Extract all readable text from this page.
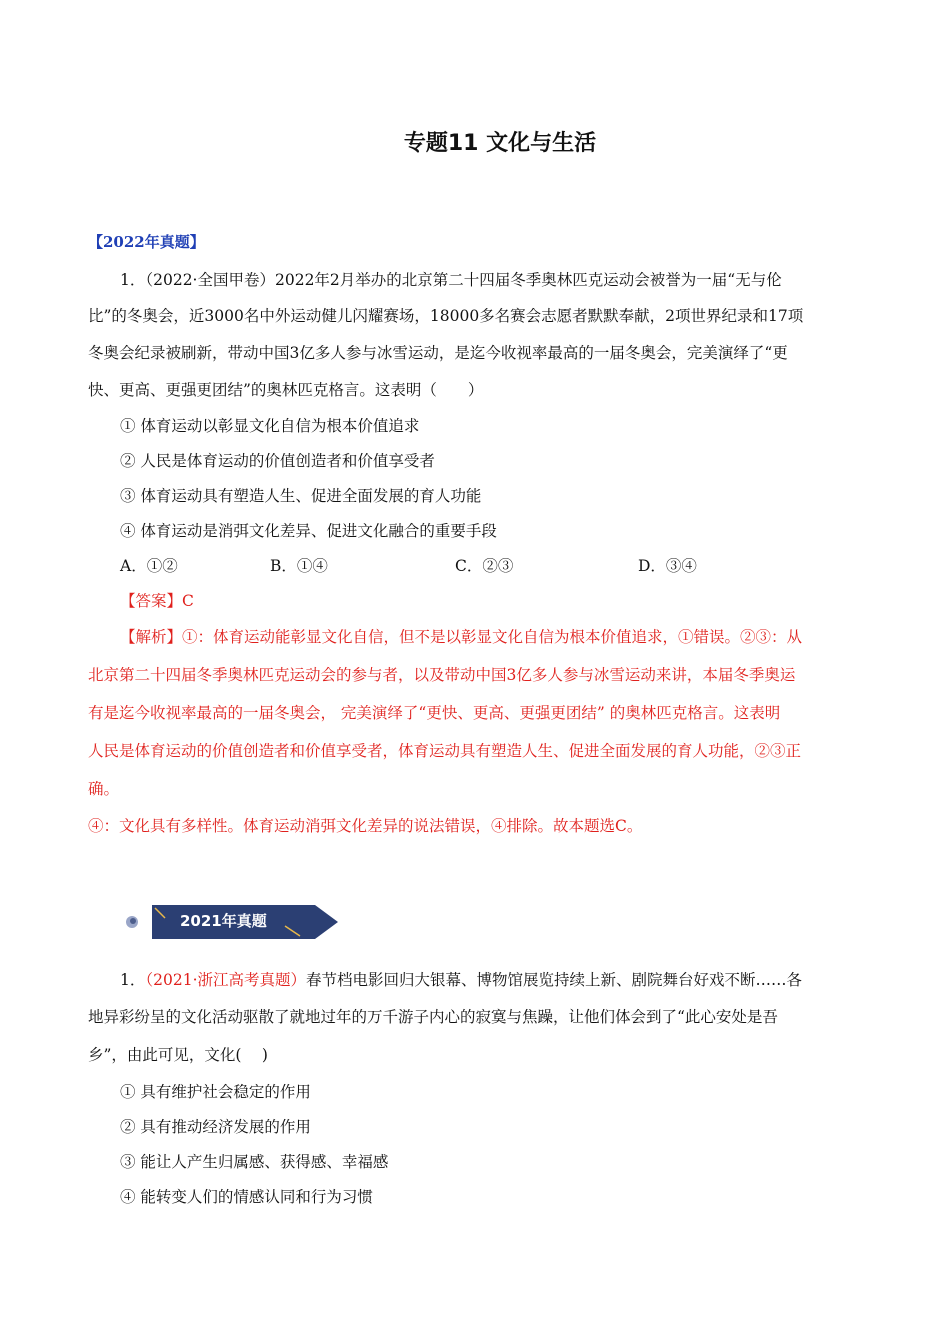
专题11 文化与生活
【2022年真题】
1．（2022·全国甲卷）2022年2月举办的北京第二十四届冬季奥林匹克运动会被誉为一届“无与伦
比”的冬奥会，近3000名中外运动健儿闪耀赛场，18000多名赛会志愿者默默奉献，2项世界纪录和17项
冬奥会纪录被刷新，带动中国3亿多人参与冰雪运动，是迄今收视率最高的一届冬奥会，完美演绎了“更
快、更高、更强更团结”的奥林匹克格言。这表明（　　）
① 体育运动以彰显文化自信为根本价值追求
② 人民是体育运动的价值创造者和价值享受者
③ 体育运动具有塑造人生、促进全面发展的育人功能
④ 体育运动是消弭文化差异、促进文化融合的重要手段
A．①②	B．①④	C．②③	D．③④
【答案】C
【解析】①：体育运动能彰显文化自信，但不是以彰显文化自信为根本价值追求，①错误。②③：从
北京第二十四届冬季奥林匹克运动会的参与者，以及带动中国3亿多人参与冰雪运动来讲，本届冬季奥运
有是迄今收视率最高的一届冬奥会， 完美演绎了“更快、更高、更强更团结” 的奥林匹克格言。这表明
人民是体育运动的价值创造者和价值享受者，体育运动具有塑造人生、促进全面发展的育人功能，②③正
确。
④：文化具有多样性。体育运动消弭文化差异的说法错误，④排除。故本题选C。
2021年真题
1．（2021·浙江高考真题）春节档电影回归大银幕、博物馆展览持续上新、剧院舞台好戏不断……各
地异彩纷呈的文化活动驱散了就地过年的万千游子内心的寂寞与焦躁，让他们体会到了“此心安处是吾
乡”，由此可见，文化(　 )
① 具有维护社会稳定的作用
② 具有推动经济发展的作用
③ 能让人产生归属感、获得感、幸福感
④ 能转变人们的情感认同和行为习惯
